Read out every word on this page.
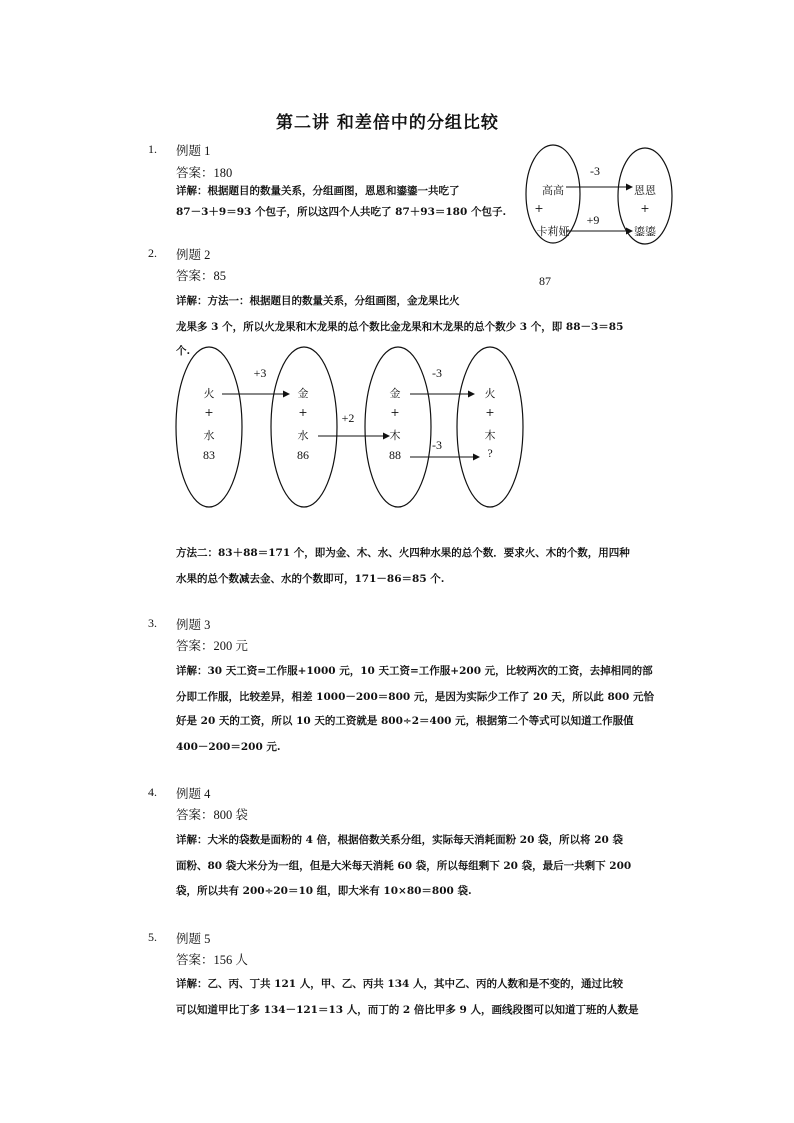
第二讲 和差倍中的分组比较
1. 例题 1
答案：180
详解：根据题目的数量关系，分组画图，恩恩和鎏鎏一共吃了
87－3＋9＝93 个包子，所以这四个人共吃了 87＋93＝180 个包子.
高高
+
卡莉娅
恩恩
+
鎏鎏
-3
+9
87
2. 例题 2
答案：85
详解：方法一：根据题目的数量关系，分组画图，金龙果比火
龙果多 3 个，所以火龙果和木龙果的总个数比金龙果和木龙果的总个数少 3 个，即 88－3＝85
个.
火
+
水
83
金
+
水
86
金
+
木
88
火
+
木
?
+3
+2
-3
-3
方法二：83＋88＝171 个，即为金、木、水、火四种水果的总个数．要求火、木的个数，用四种
水果的总个数减去金、水的个数即可，171－86＝85 个.
3. 例题 3
答案：200 元
详解：30 天工资=工作服+1000 元，10 天工资=工作服+200 元，比较两次的工资，去掉相同的部
分即工作服，比较差异，相差 1000－200＝800 元，是因为实际少工作了 20 天，所以此 800 元恰
好是 20 天的工资，所以 10 天的工资就是 800÷2＝400 元，根据第二个等式可以知道工作服值
400－200＝200 元.
4. 例题 4
答案：800 袋
详解：大米的袋数是面粉的 4 倍，根据倍数关系分组，实际每天消耗面粉 20 袋，所以将 20 袋
面粉、80 袋大米分为一组，但是大米每天消耗 60 袋，所以每组剩下 20 袋，最后一共剩下 200
袋，所以共有 200÷20＝10 组，即大米有 10×80＝800 袋.
5. 例题 5
答案：156 人
详解：乙、丙、丁共 121 人，甲、乙、丙共 134 人，其中乙、丙的人数和是不变的，通过比较
可以知道甲比丁多 134－121＝13 人，而丁的 2 倍比甲多 9 人，画线段图可以知道丁班的人数是
